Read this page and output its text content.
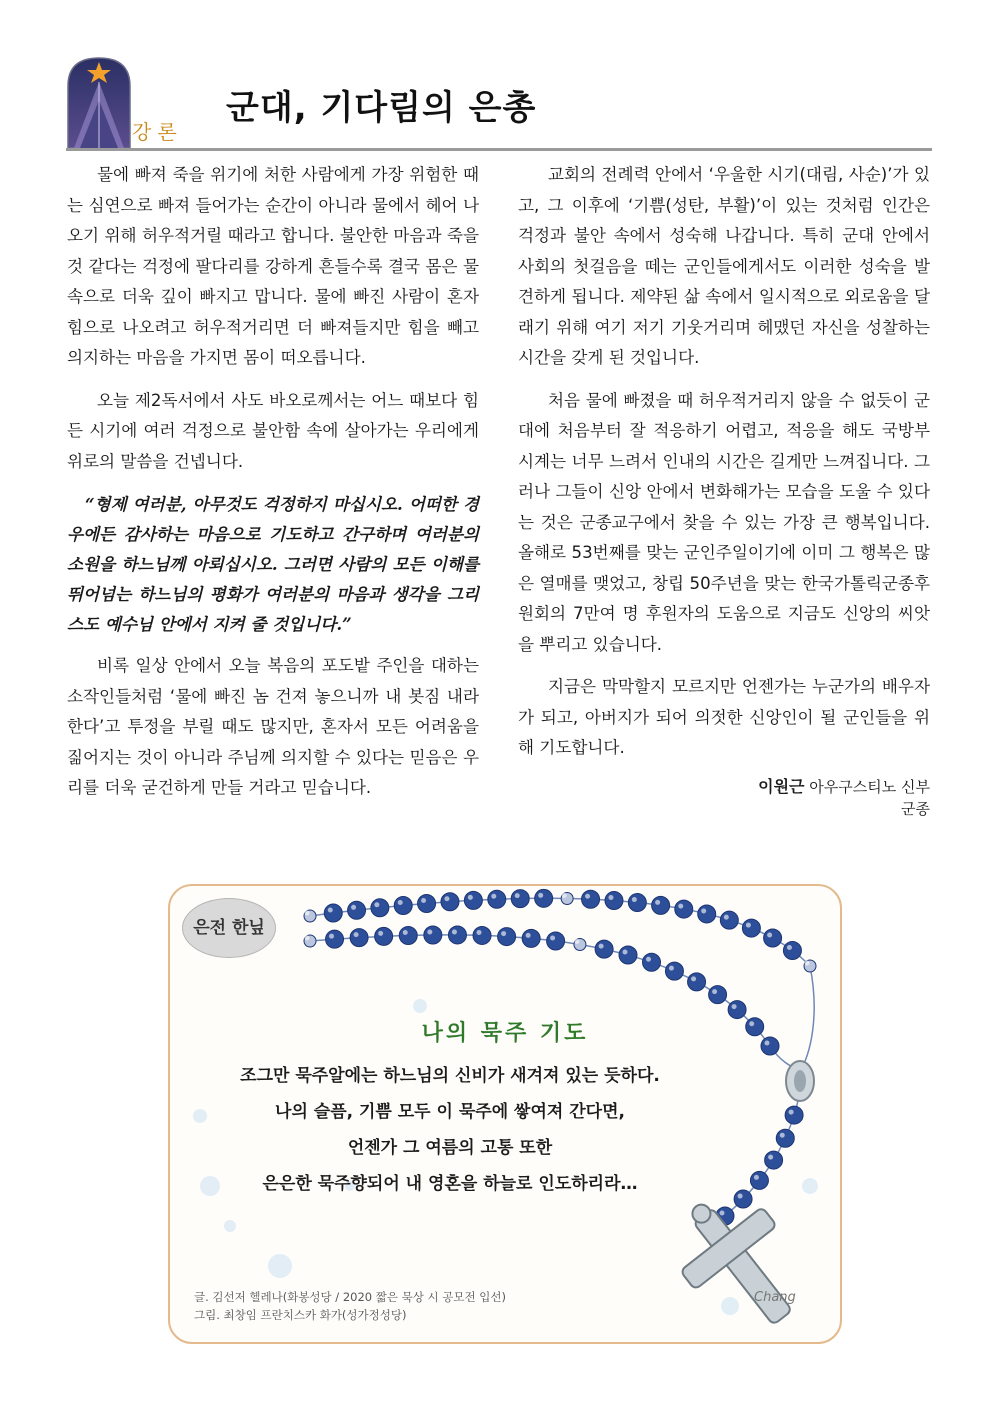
강론
군대, 기다림의 은총

물에 빠져 죽을 위기에 처한 사람에게 가장 위험한 때는 심연으로 빠져 들어가는 순간이 아니라 물에서 헤어 나오기 위해 허우적거릴 때라고 합니다. 불안한 마음과 죽을 것 같다는 걱정에 팔다리를 강하게 흔들수록 결국 몸은 물속으로 더욱 깊이 빠지고 맙니다. 물에 빠진 사람이 혼자 힘으로 나오려고 허우적거리면 더 빠져들지만 힘을 빼고 의지하는 마음을 가지면 몸이 떠오릅니다.

오늘 제2독서에서 사도 바오로께서는 어느 때보다 힘든 시기에 여러 걱정으로 불안함 속에 살아가는 우리에게 위로의 말씀을 건넵니다.

“형제 여러분, 아무것도 걱정하지 마십시오. 어떠한 경우에든 감사하는 마음으로 기도하고 간구하며 여러분의 소원을 하느님께 아뢰십시오. 그러면 사람의 모든 이해를 뛰어넘는 하느님의 평화가 여러분의 마음과 생각을 그리스도 예수님 안에서 지켜 줄 것입니다.”

비록 일상 안에서 오늘 복음의 포도밭 주인을 대하는 소작인들처럼 ‘물에 빠진 놈 건져 놓으니까 내 봇짐 내라 한다’고 투정을 부릴 때도 많지만, 혼자서 모든 어려움을 짊어지는 것이 아니라 주님께 의지할 수 있다는 믿음은 우리를 더욱 굳건하게 만들 거라고 믿습니다.

교회의 전례력 안에서 ‘우울한 시기(대림, 사순)’가 있고, 그 이후에 ‘기쁨(성탄, 부활)’이 있는 것처럼 인간은 걱정과 불안 속에서 성숙해 나갑니다. 특히 군대 안에서 사회의 첫걸음을 떼는 군인들에게서도 이러한 성숙을 발견하게 됩니다. 제약된 삶 속에서 일시적으로 외로움을 달래기 위해 여기 저기 기웃거리며 헤맸던 자신을 성찰하는 시간을 갖게 된 것입니다.

처음 물에 빠졌을 때 허우적거리지 않을 수 없듯이 군대에 처음부터 잘 적응하기 어렵고, 적응을 해도 국방부 시계는 너무 느려서 인내의 시간은 길게만 느껴집니다. 그러나 그들이 신앙 안에서 변화해가는 모습을 도울 수 있다는 것은 군종교구에서 찾을 수 있는 가장 큰 행복입니다. 올해로 53번째를 맞는 군인주일이기에 이미 그 행복은 많은 열매를 맺었고, 창립 50주년을 맞는 한국가톨릭군종후원회의 7만여 명 후원자의 도움으로 지금도 신앙의 씨앗을 뿌리고 있습니다.

지금은 막막할지 모르지만 언젠가는 누군가의 배우자가 되고, 아버지가 되어 의젓한 신앙인이 될 군인들을 위해 기도합니다.

이원근 아우구스티노 신부
군종
은전 한닢
나의 묵주 기도
조그만 묵주알에는 하느님의 신비가 새겨져 있는 듯하다.
나의 슬픔, 기쁨 모두 이 묵주에 쌓여져 간다면,
언젠가 그 여름의 고통 또한
은은한 묵주향되어 내 영혼을 하늘로 인도하리라…
글. 김선저 헬레나(화봉성당 / 2020 짧은 묵상 시 공모전 입선)
그림. 최창임 프란치스카 화가(성가정성당)
Chang
